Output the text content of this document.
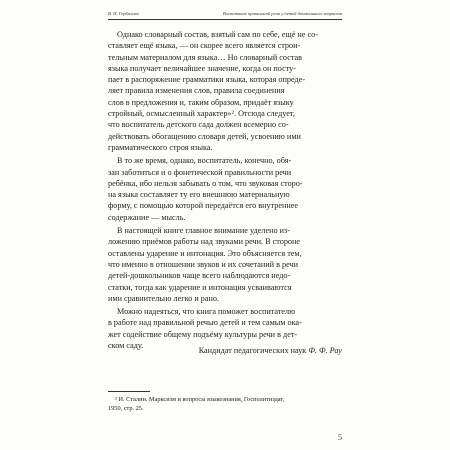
В. И. Гербилова	Воспитание правильной речи у детей дошкольного возраста
Однако словарный состав, взятый сам по себе, ещё не со-
ставляет ещё языка, — он скорее всего является строи-
тельным материалом для языка… Но словарный состав
языка получает величайшее значение, когда он посту-
пает в распоряжение грамматики языка, которая опреде-
ляет правила изменения слов, правила соединения
слов в предложения и, таким образом, придаёт языку
стройный, осмысленный характер»². Отсюда следует,
что воспитатель детского сада должен всемерно со-
действовать обогащению словаря детей, усвоению ими
грамматического строя языка.
В то же время, однако, воспитатель, конечно, обя-
зан заботиться и о фонетической правильности речи
ребёнка, ибо нельзя забывать о том, что звуковая сторо-
на языка составляет ту его внешнюю материальную
форму, с помощью которой передаётся его внутреннее
содержание — мысль.
В настоящей книге главное внимание уделено из-
ложению приёмов работы над звуками речи. В стороне
оставлены ударение и интонация. Это объясняется тем,
что именно в отношении звуков и их сочетаний в речи
детей-дошкольников чаще всего наблюдаются недо-
статки, тогда как ударение и интонация усваиваются
ими сравнительно легко и рано.
Можно надеяться, что книга поможет воспитателю
в работе над правильной речью детей и тем самым ока-
жет содействие общему подъёму культуры речи в дет-
ском саду.
Кандидат педагогических наук Ф. Ф. Рау
² И. Сталин. Марксизм и вопросы языкознания, Госполитиздат,
1950, стр. 25.
5
